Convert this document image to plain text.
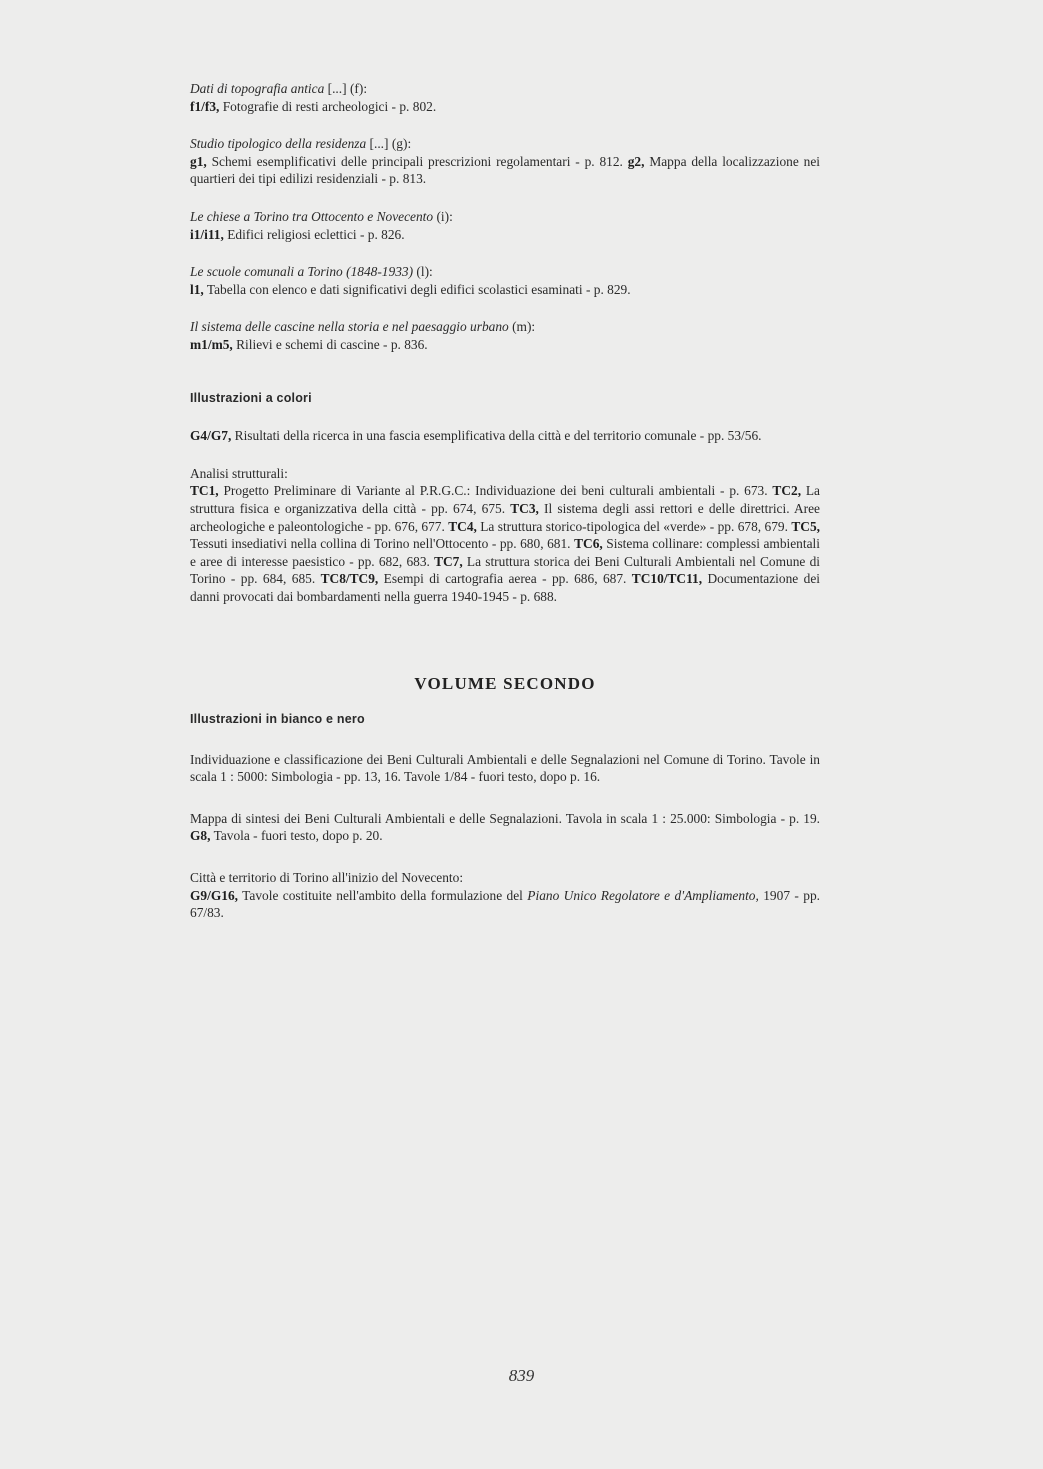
Dati di topografia antica [...] (f):

f1/f3, Fotografie di resti archeologici - p. 802.

Studio tipologico della residenza [...] (g):

g1, Schemi esemplificativi delle principali prescrizioni regolamentari - p. 812. g2, Mappa della localizzazione nei quartieri dei tipi edilizi residenziali - p. 813.

Le chiese a Torino tra Ottocento e Novecento (i):

i1/i11, Edifici religiosi eclettici - p. 826.

Le scuole comunali a Torino (1848-1933) (l):

l1, Tabella con elenco e dati significativi degli edifici scolastici esaminati - p. 829.

Il sistema delle cascine nella storia e nel paesaggio urbano (m):

m1/m5, Rilievi e schemi di cascine - p. 836.

Illustrazioni a colori

G4/G7, Risultati della ricerca in una fascia esemplificativa della città e del territorio comunale - pp. 53/56.

Analisi strutturali:

TC1, Progetto Preliminare di Variante al P.R.G.C.: Individuazione dei beni culturali ambientali - p. 673. TC2, La struttura fisica e organizzativa della città - pp. 674, 675. TC3, Il sistema degli assi rettori e delle direttrici. Aree archeologiche e paleontologiche - pp. 676, 677. TC4, La struttura storico-tipologica del «verde» - pp. 678, 679. TC5, Tessuti insediativi nella collina di Torino nell'Ottocento - pp. 680, 681. TC6, Sistema collinare: complessi ambientali e aree di interesse paesistico - pp. 682, 683. TC7, La struttura storica dei Beni Culturali Ambientali nel Comune di Torino - pp. 684, 685. TC8/TC9, Esempi di cartografia aerea - pp. 686, 687. TC10/TC11, Documentazione dei danni provocati dai bombardamenti nella guerra 1940-1945 - p. 688.

VOLUME SECONDO
Illustrazioni in bianco e nero

Individuazione e classificazione dei Beni Culturali Ambientali e delle Segnalazioni nel Comune di Torino. Tavole in scala 1 : 5000: Simbologia - pp. 13, 16. Tavole 1/84 - fuori testo, dopo p. 16.

Mappa di sintesi dei Beni Culturali Ambientali e delle Segnalazioni. Tavola in scala 1 : 25.000: Simbologia - p. 19. G8, Tavola - fuori testo, dopo p. 20.

Città e territorio di Torino all'inizio del Novecento:

G9/G16, Tavole costituite nell'ambito della formulazione del Piano Unico Regolatore e d'Ampliamento, 1907 - pp. 67/83.

839
